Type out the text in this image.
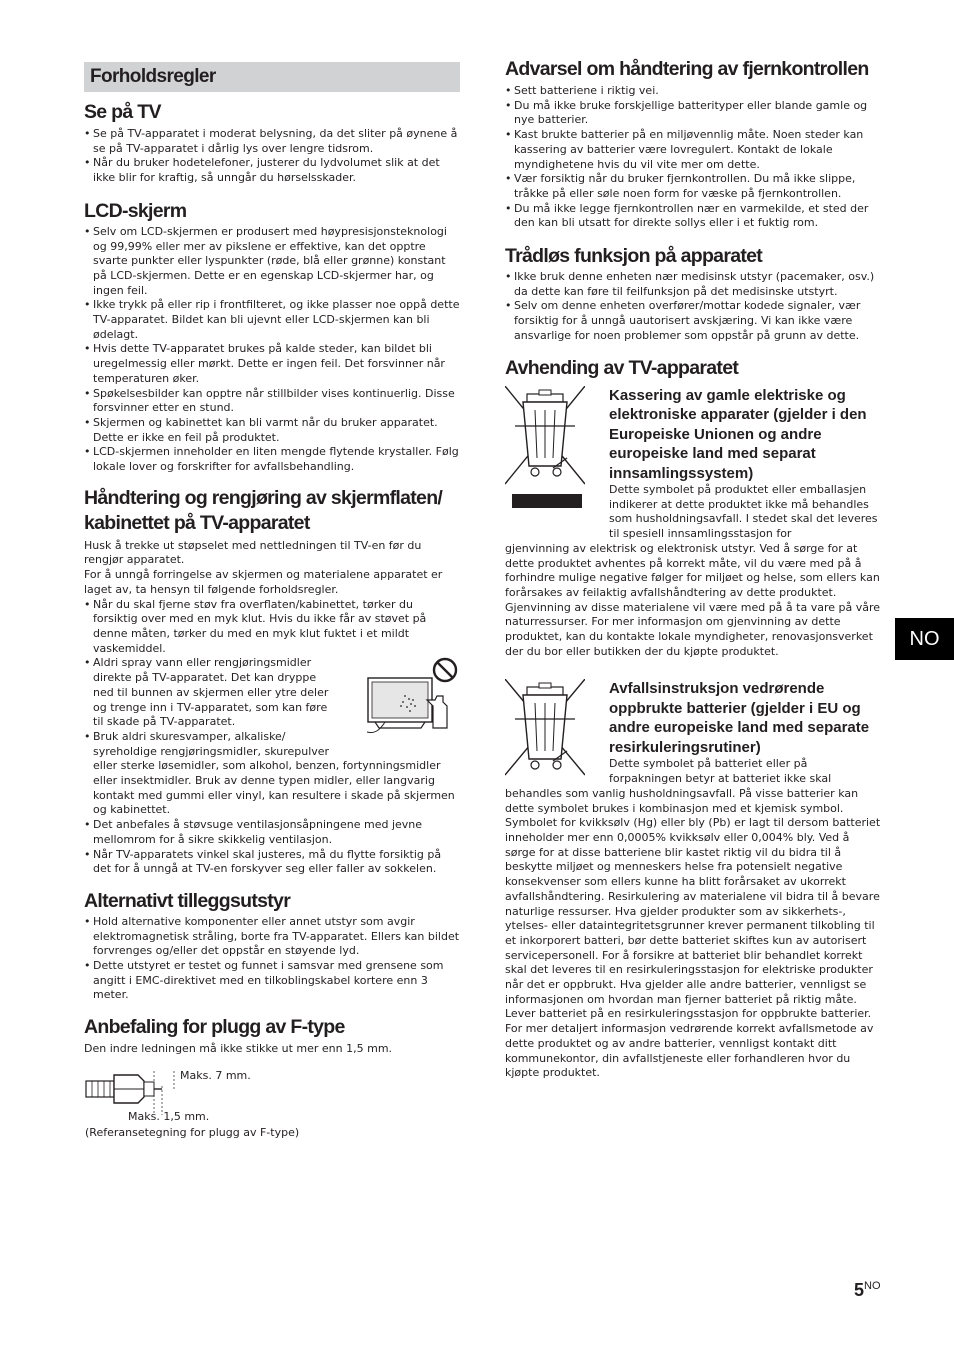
Forholdsregler
Se på TV
• Se på TV-apparatet i moderat belysning, da det sliter på øynene å se på TV-apparatet i dårlig lys over lengre tidsrom.
• Når du bruker hodetelefoner, justerer du lydvolumet slik at det ikke blir for kraftig, så unngår du hørselsskader.
LCD-skjerm
• Selv om LCD-skjermen er produsert med høypresisjonsteknologi og 99,99% eller mer av pikslene er effektive, kan det opptre svarte punkter eller lyspunkter (røde, blå eller grønne) konstant på LCD-skjermen. Dette er en egenskap LCD-skjermer har, og ingen feil.
• Ikke trykk på eller rip i frontfilteret, og ikke plasser noe oppå dette TV-apparatet. Bildet kan bli ujevnt eller LCD-skjermen kan bli ødelagt.
• Hvis dette TV-apparatet brukes på kalde steder, kan bildet bli uregelmessig eller mørkt. Dette er ingen feil. Det forsvinner når temperaturen øker.
• Spøkelsesbilder kan opptre når stillbilder vises kontinuerlig. Disse forsvinner etter en stund.
• Skjermen og kabinettet kan bli varmt når du bruker apparatet. Dette er ikke en feil på produktet.
• LCD-skjermen inneholder en liten mengde flytende krystaller. Følg lokale lover og forskrifter for avfallsbehandling.
Håndtering og rengjøring av skjermflaten/ kabinettet på TV-apparatet

Husk å trekke ut støpselet med nettledningen til TV-en før du rengjør apparatet.

For å unngå forringelse av skjermen og materialene apparatet er laget av, ta hensyn til følgende forholdsregler.

• Når du skal fjerne støv fra overflaten/kabinettet, tørker du forsiktig over med en myk klut. Hvis du ikke får av støvet på denne måten, tørker du med en myk klut fuktet i et mildt vaskemiddel.
• Aldri spray vann eller rengjøringsmidler direkte på TV-apparatet. Det kan dryppe ned til bunnen av skjermen eller ytre deler og trenge inn i TV-apparatet, som kan føre til skade på TV-apparatet.
• Bruk aldri skuresvamper, alkaliske/ syreholdige rengjøringsmidler, skurepulver

eller sterke løsemidler, som alkohol, benzen, fortynningsmidler eller insektmidler. Bruk av denne typen midler, eller langvarig kontakt med gummi eller vinyl, kan resultere i skade på skjermen og kabinettet.

• Det anbefales å støvsuge ventilasjonsåpningene med jevne mellomrom for å sikre skikkelig ventilasjon.
• Når TV-apparatets vinkel skal justeres, må du flytte forsiktig på det for å unngå at TV-en forskyver seg eller faller av sokkelen.
Alternativt tilleggsutstyr
• Hold alternative komponenter eller annet utstyr som avgir elektromagnetisk stråling, borte fra TV-apparatet. Ellers kan bildet forvrenges og/eller det oppstår en støyende lyd.
• Dette utstyret er testet og funnet i samsvar med grensene som angitt i EMC-direktivet med en tilkoblingskabel kortere enn 3 meter.
Anbefaling for plugg av F-type

Den indre ledningen må ikke stikke ut mer enn 1,5 mm.

Maks. 7 mm.
Maks. 1,5 mm.
(Referansetegning for plugg av F-type)
Advarsel om håndtering av fjernkontrollen
• Sett batteriene i riktig vei.
• Du må ikke bruke forskjellige batterityper eller blande gamle og nye batterier.
• Kast brukte batterier på en miljøvennlig måte. Noen steder kan kassering av batterier være lovregulert. Kontakt de lokale myndighetene hvis du vil vite mer om dette.
• Vær forsiktig når du bruker fjernkontrollen. Du må ikke slippe, tråkke på eller søle noen form for væske på fjernkontrollen.
• Du må ikke legge fjernkontrollen nær en varmekilde, et sted der den kan bli utsatt for direkte sollys eller i et fuktig rom.
Trådløs funksjon på apparatet
• Ikke bruk denne enheten nær medisinsk utstyr (pacemaker, osv.) da dette kan føre til feilfunksjon på det medisinske utstyrt.
• Selv om denne enheten overfører/mottar kodede signaler, vær forsiktig for å unngå uautorisert avskjæring. Vi kan ikke være ansvarlige for noen problemer som oppstår på grunn av dette.
Avhending av TV-apparatet
Kassering av gamle elektriske og elektroniske apparater (gjelder i den Europeiske Unionen og andre europeiske land med separat innsamlingssystem)

Dette symbolet på produktet eller emballasjen indikerer at dette produktet ikke må behandles som husholdningsavfall. I stedet skal det leveres til spesiell innsamlingsstasjon for

gjenvinning av elektrisk og elektronisk utstyr. Ved å sørge for at dette produktet avhentes på korrekt måte, vil du være med på å forhindre mulige negative følger for miljøet og helse, som ellers kan forårsakes av feilaktig avfallshåndtering av dette produktet. Gjenvinning av disse materialene vil være med på å ta vare på våre naturressurser. For mer informasjon om gjenvinning av dette produktet, kan du kontakte lokale myndigheter, renovasjonsverket der du bor eller butikken der du kjøpte produktet.

Avfallsinstruksjon vedrørende oppbrukte batterier (gjelder i EU og andre europeiske land med separate resirkuleringsrutiner)

Dette symbolet på batteriet eller på forpakningen betyr at batteriet ikke skal

behandles som vanlig husholdningsavfall. På visse batterier kan dette symbolet brukes i kombinasjon med et kjemisk symbol. Symbolet for kvikksølv (Hg) eller bly (Pb) er lagt til dersom batteriet inneholder mer enn 0,0005% kvikksølv eller 0,004% bly. Ved å sørge for at disse batteriene blir kastet riktig vil du bidra til å beskytte miljøet og menneskers helse fra potensielt negative konsekvenser som ellers kunne ha blitt forårsaket av ukorrekt avfallshåndtering. Resirkulering av materialene vil bidra til å bevare naturlige ressurser. Hva gjelder produkter som av sikkerhets-, ytelses- eller dataintegritetsgrunner krever permanent tilkobling til et inkorporert batteri, bør dette batteriet skiftes kun av autorisert servicepersonell. For å forsikre at batteriet blir behandlet korrekt skal det leveres til en resirkuleringsstasjon for elektriske produkter når det er oppbrukt. Hva gjelder alle andre batterier, vennligst se informasjonen om hvordan man fjerner batteriet på riktig måte. Lever batteriet på en resirkuleringsstasjon for oppbrukte batterier. For mer detaljert informasjon vedrørende korrekt avfallsmetode av dette produktet og av andre batterier, vennligst kontakt ditt kommunekontor, din avfallstjeneste eller forhandleren hvor du kjøpte produktet.

NO
$5^{NO}$
